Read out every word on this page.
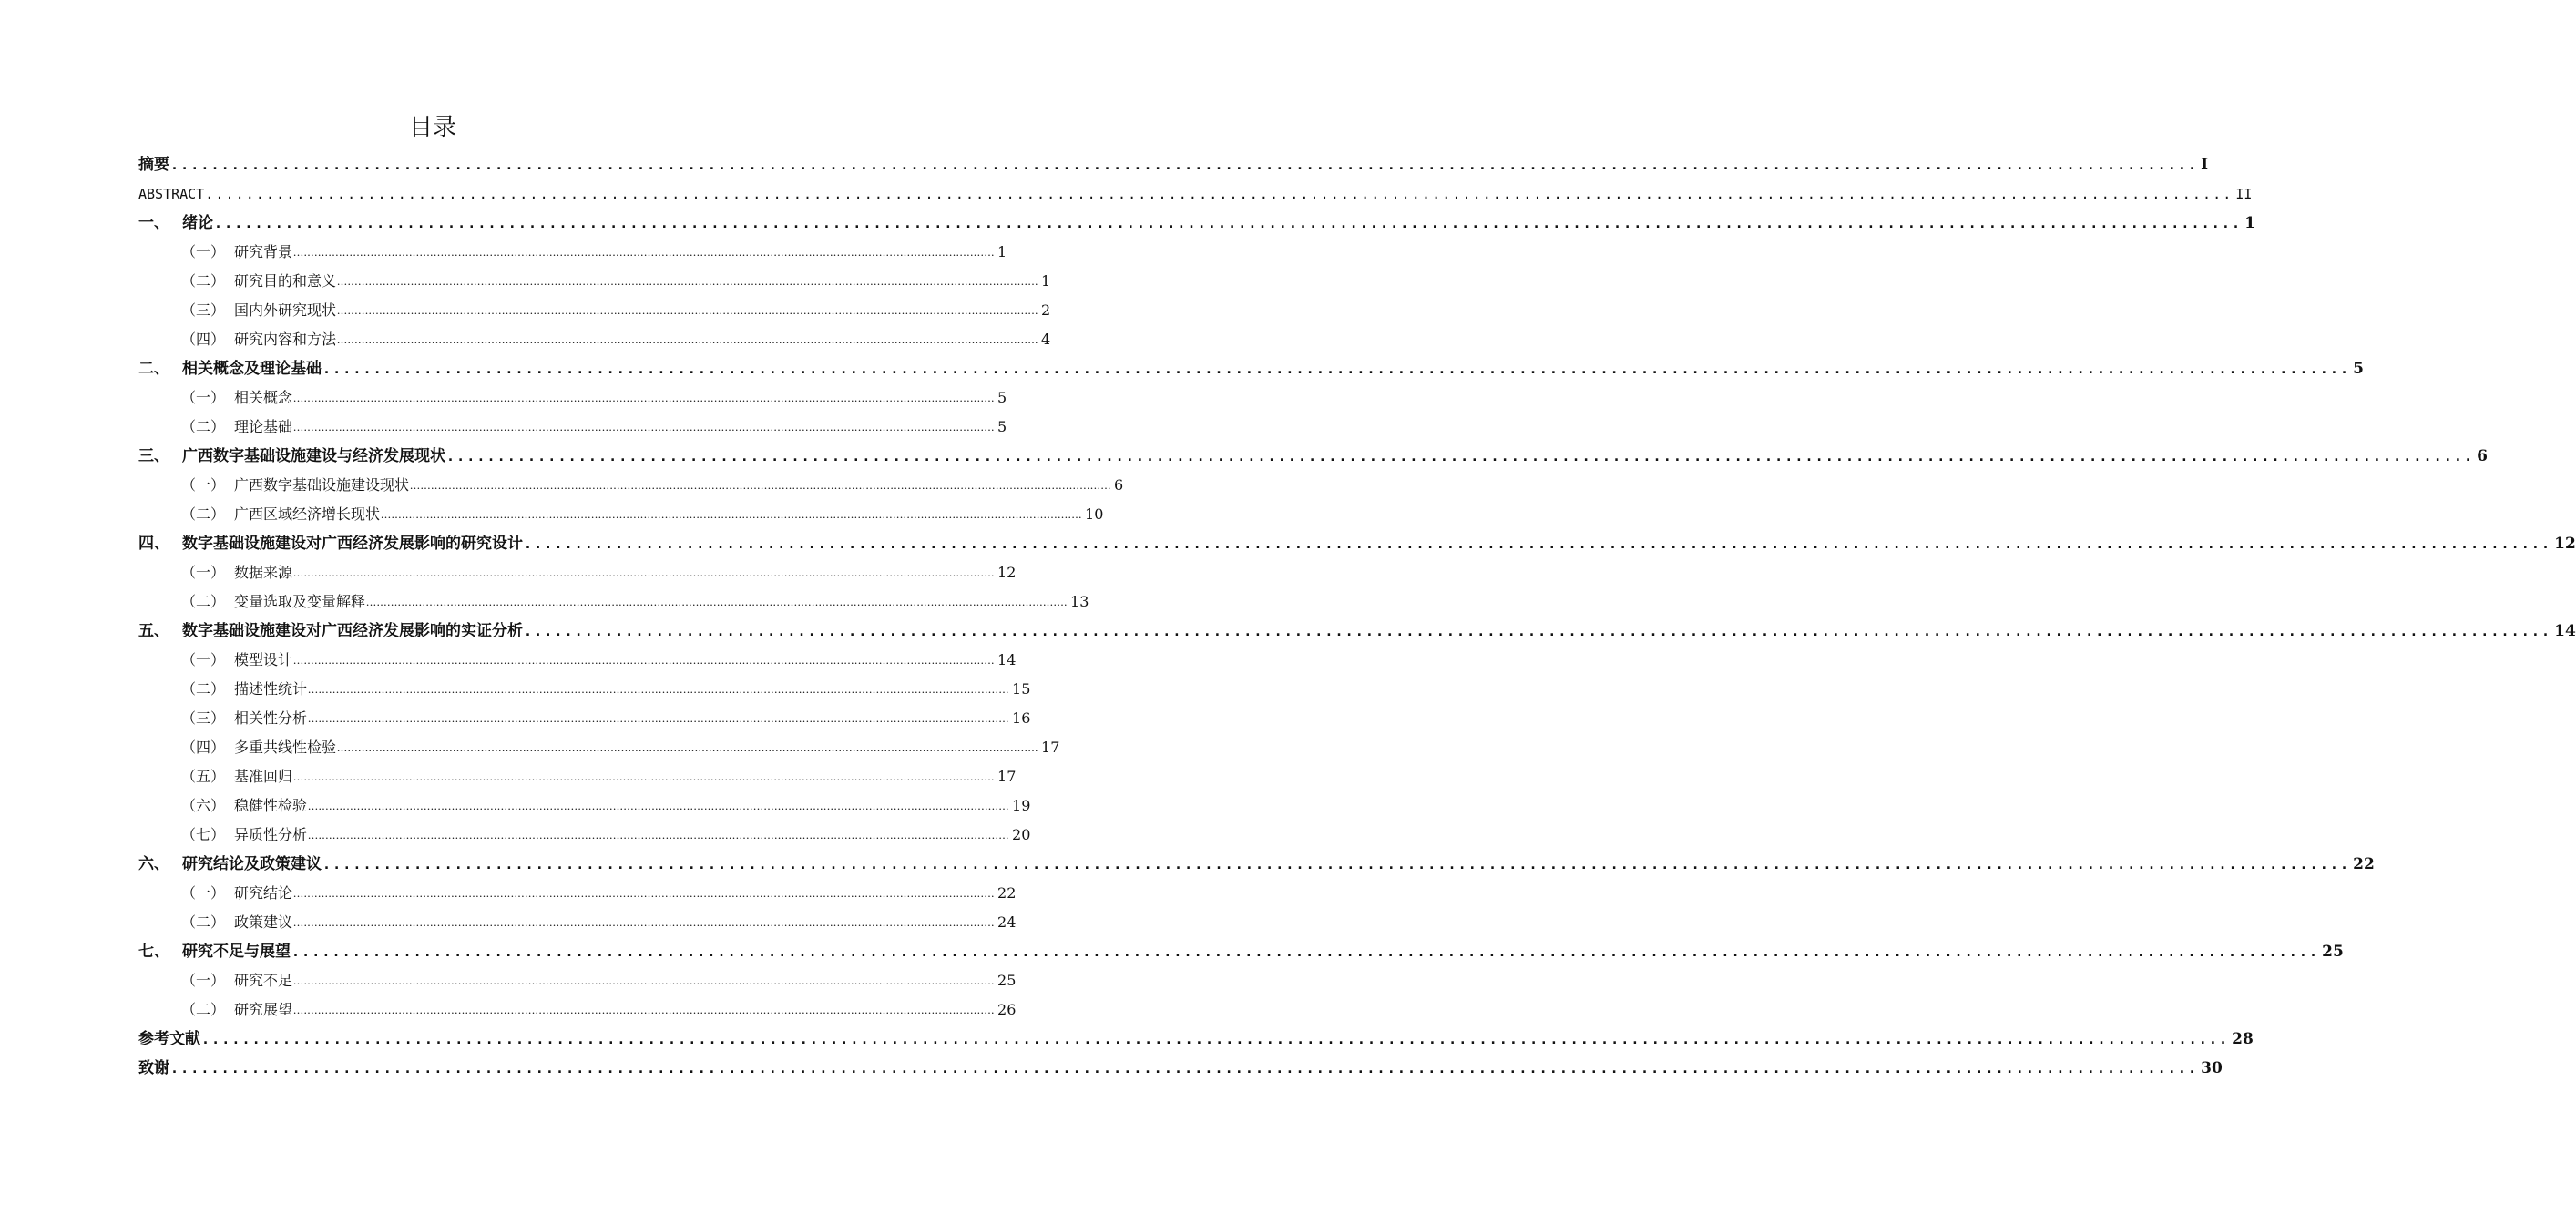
目录
摘要 ........................................................................................................................................................................................................ I
ABSTRACT ........................................................................................................................................................................................................ II
一、 绪论 ........................................................................................................................................................................................................ 1
（一） 研究背景 ........................................................................................................................................................................................................ 1
（二） 研究目的和意义 ........................................................................................................................................................................................................ 1
（三） 国内外研究现状 ........................................................................................................................................................................................................ 2
（四） 研究内容和方法 ........................................................................................................................................................................................................ 4
二、 相关概念及理论基础 ........................................................................................................................................................................................................ 5
（一） 相关概念 ........................................................................................................................................................................................................ 5
（二） 理论基础 ........................................................................................................................................................................................................ 5
三、 广西数字基础设施建设与经济发展现状 ........................................................................................................................................................................................................ 6
（一） 广西数字基础设施建设现状 ........................................................................................................................................................................................................ 6
（二） 广西区域经济增长现状 ........................................................................................................................................................................................................ 10
四、 数字基础设施建设对广西经济发展影响的研究设计 ........................................................................................................................................................................................................ 12
（一） 数据来源 ........................................................................................................................................................................................................ 12
（二） 变量选取及变量解释 ........................................................................................................................................................................................................ 13
五、 数字基础设施建设对广西经济发展影响的实证分析 ........................................................................................................................................................................................................ 14
（一） 模型设计 ........................................................................................................................................................................................................ 14
（二） 描述性统计 ........................................................................................................................................................................................................ 15
（三） 相关性分析 ........................................................................................................................................................................................................ 16
（四） 多重共线性检验 ........................................................................................................................................................................................................ 17
（五） 基准回归 ........................................................................................................................................................................................................ 17
（六） 稳健性检验 ........................................................................................................................................................................................................ 19
（七） 异质性分析 ........................................................................................................................................................................................................ 20
六、 研究结论及政策建议 ........................................................................................................................................................................................................ 22
（一） 研究结论 ........................................................................................................................................................................................................ 22
（二） 政策建议 ........................................................................................................................................................................................................ 24
七、 研究不足与展望 ........................................................................................................................................................................................................ 25
（一） 研究不足 ........................................................................................................................................................................................................ 25
（二） 研究展望 ........................................................................................................................................................................................................ 26
参考文献 ........................................................................................................................................................................................................ 28
致谢 ........................................................................................................................................................................................................ 30
